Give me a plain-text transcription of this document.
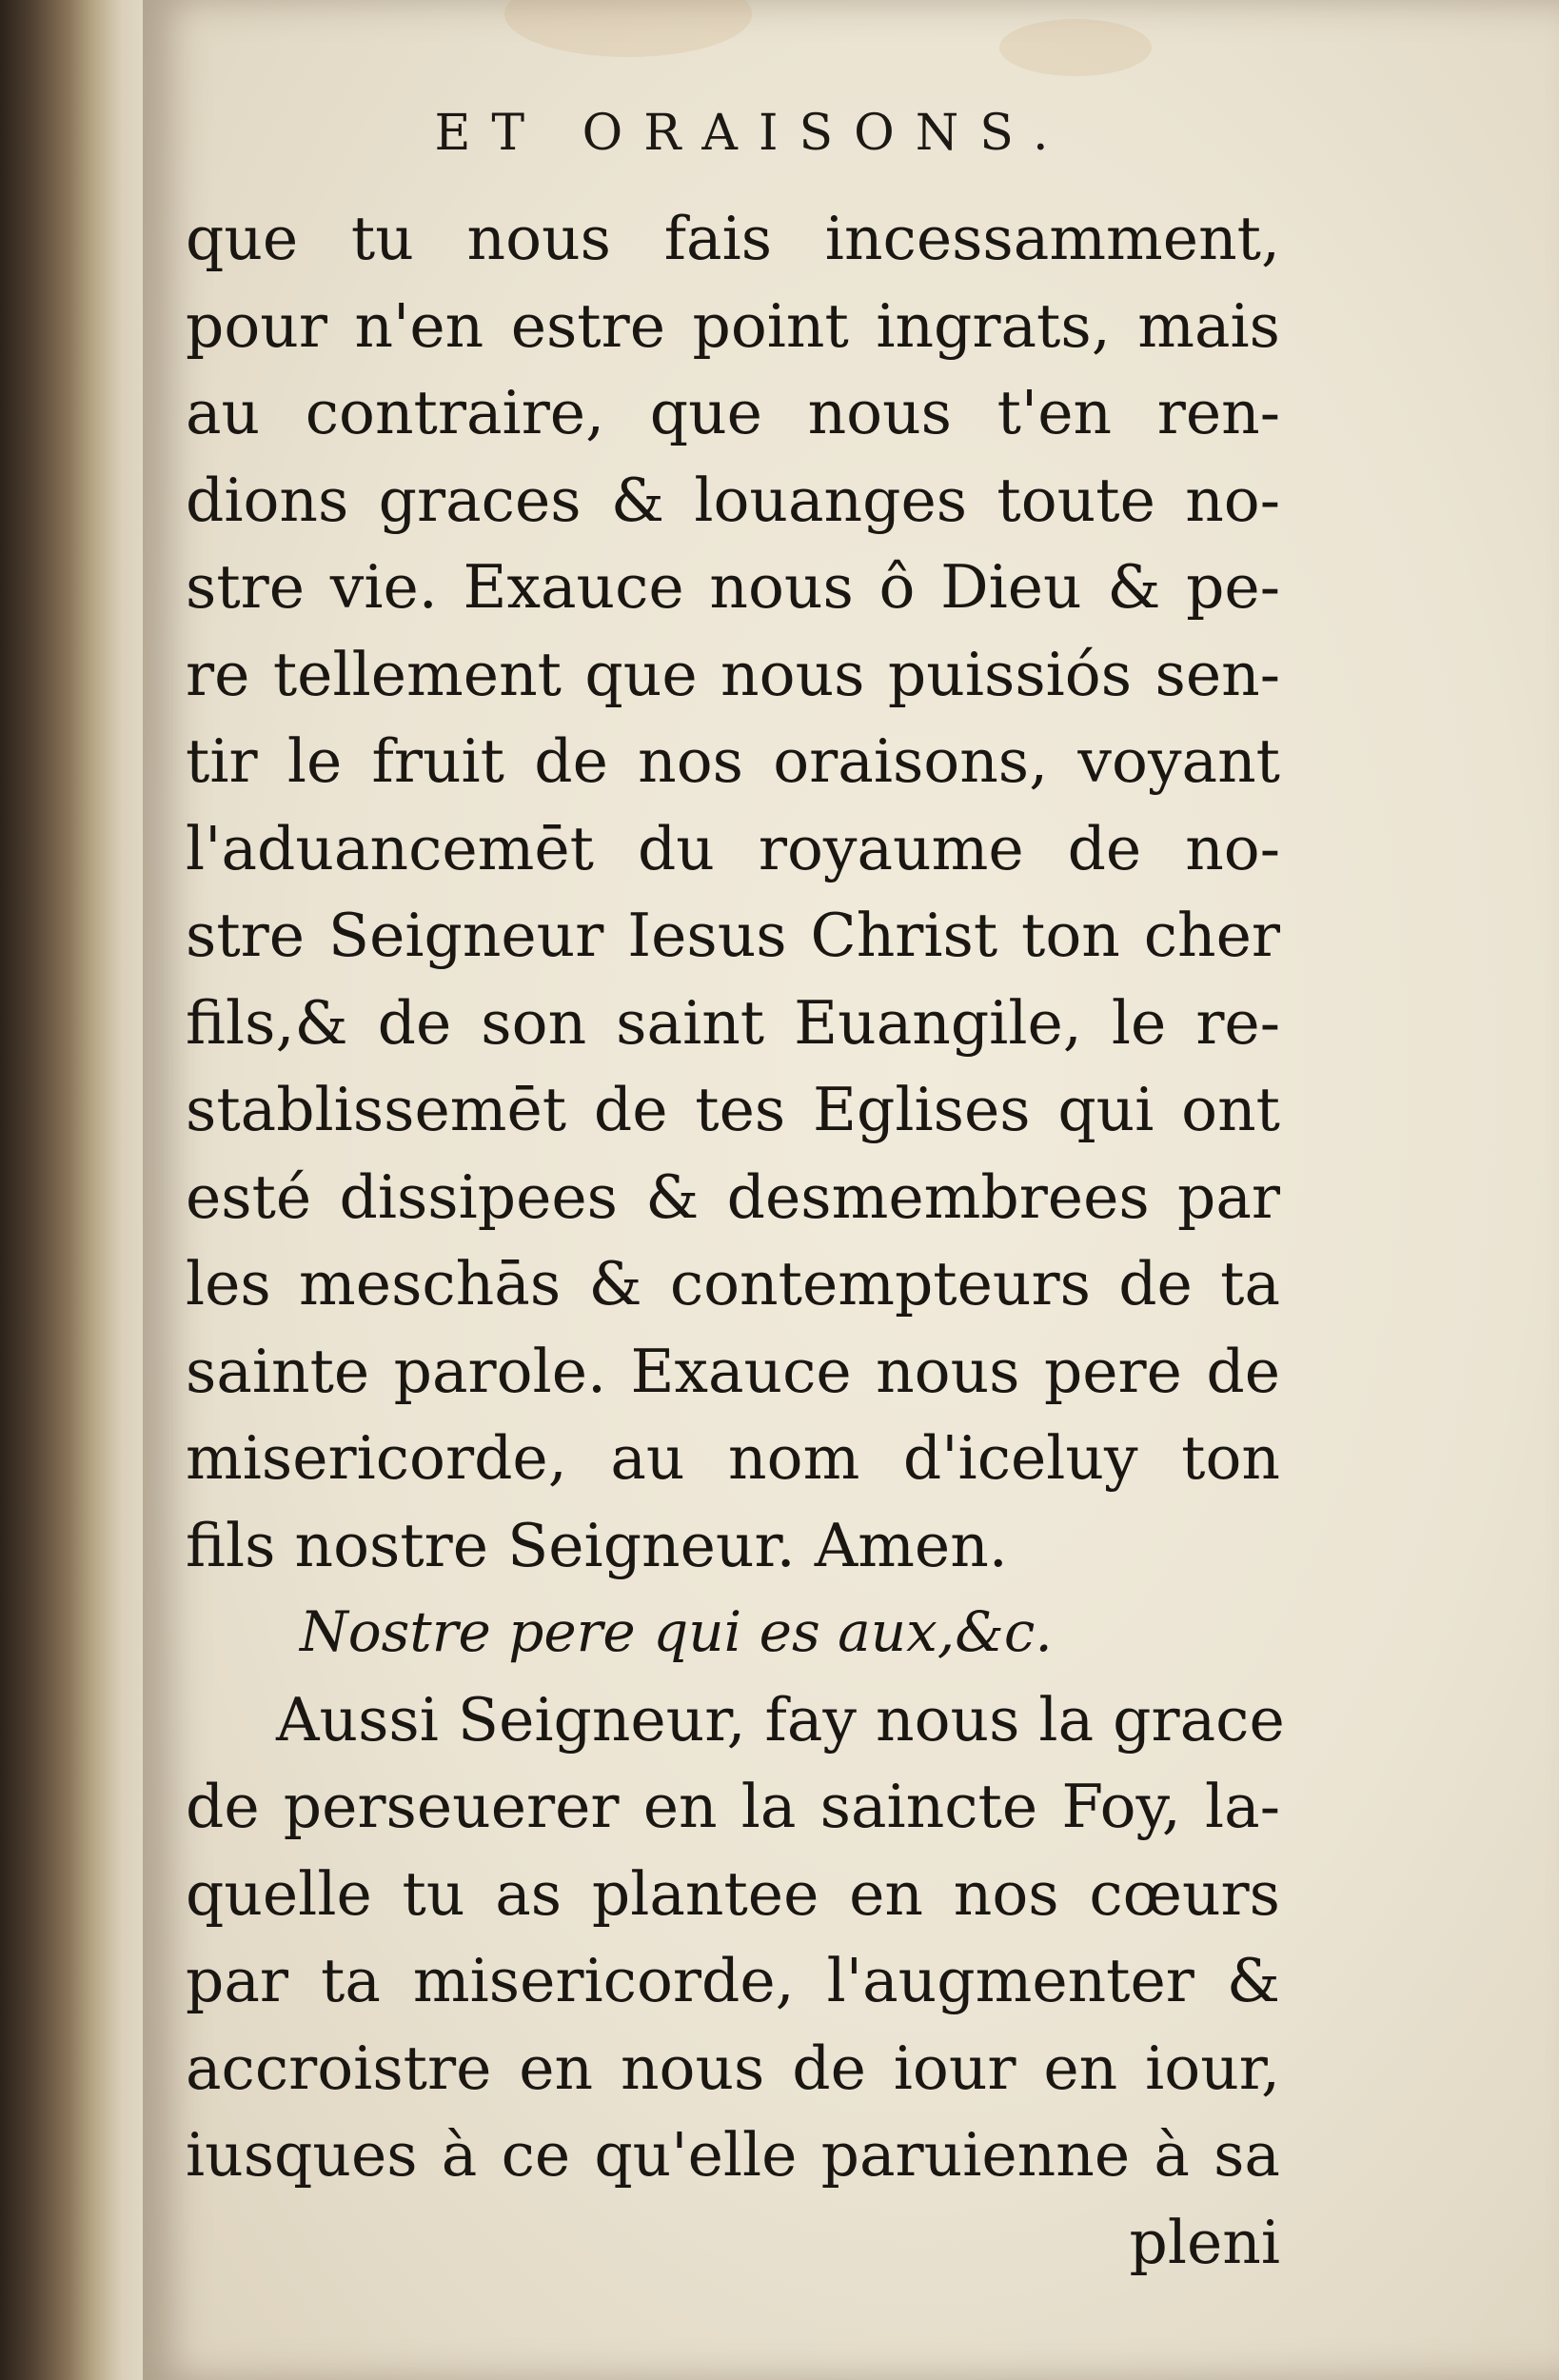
ET ORAISONS.
que tu nous fais incessamment,
pour n'en estre point ingrats, mais
au contraire, que nous t'en ren-
dions graces & louanges toute no-
stre vie. Exauce nous ô Dieu & pe-
re tellement que nous puissiós sen-
tir le fruit de nos oraisons, voyant
l'aduancemēt du royaume de no-
stre Seigneur Iesus Christ ton cher
fils,& de son saint Euangile, le re-
stablissemēt de tes Eglises qui ont
esté dissipees & desmembrees par
les meschās & contempteurs de ta
sainte parole. Exauce nous pere de
misericorde, au nom d'iceluy ton
fils nostre Seigneur. Amen.
Nostre pere qui es aux,&c.
Aussi Seigneur, fay nous la grace
de perseuerer en la saincte Foy, la-
quelle tu as plantee en nos cœurs
par ta misericorde, l'augmenter &
accroistre en nous de iour en iour,
iusques à ce qu'elle paruienne à sa
pleni
